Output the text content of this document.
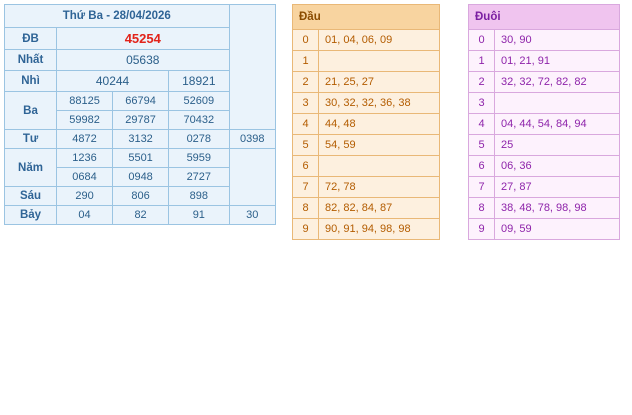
Thứ Ba - 28/04/2026				
ĐB	45254			
Nhất	05638			
Nhì	40244		18921	
Ba	88125	66794	52609	
	59982	29787	70432	
Tư	4872	3132	0278	0398
Năm	1236	5501	5959	
	0684	0948	2727	
Sáu	290	806	898	
Bảy	04	82	91	30
Đầu	
0	01, 04, 06, 09
1	
2	21, 25, 27
3	30, 32, 32, 36, 38
4	44, 48
5	54, 59
6	
7	72, 78
8	82, 82, 84, 87
9	90, 91, 94, 98, 98
Đuôi	
0	30, 90
1	01, 21, 91
2	32, 32, 72, 82, 82
3	
4	04, 44, 54, 84, 94
5	25
6	06, 36
7	27, 87
8	38, 48, 78, 98, 98
9	09, 59
